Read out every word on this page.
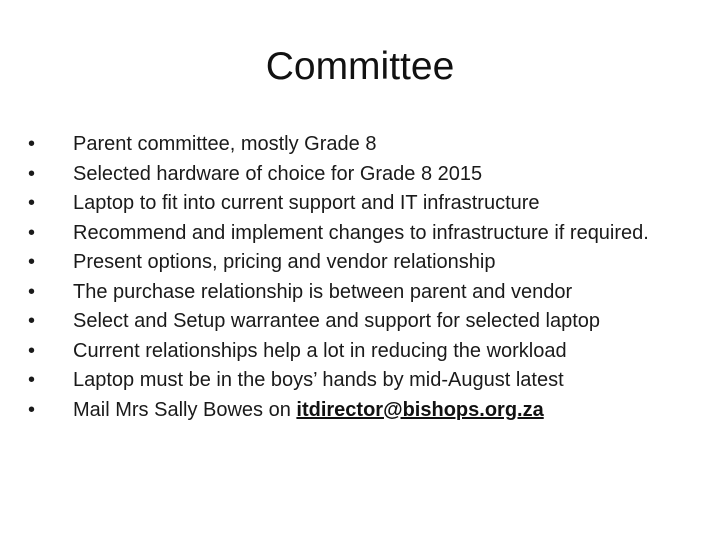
Committee
• Parent committee, mostly Grade 8
• Selected hardware of choice for Grade 8 2015
• Laptop to fit into current support and IT infrastructure
• Recommend and implement changes to infrastructure if required.
• Present options, pricing and vendor relationship
• The purchase relationship is between parent and vendor
• Select and Setup warrantee and support for selected laptop
• Current relationships help a lot in reducing the workload
• Laptop must be in the boys’ hands by mid-August latest
• Mail Mrs Sally Bowes on itdirector@bishops.org.za
